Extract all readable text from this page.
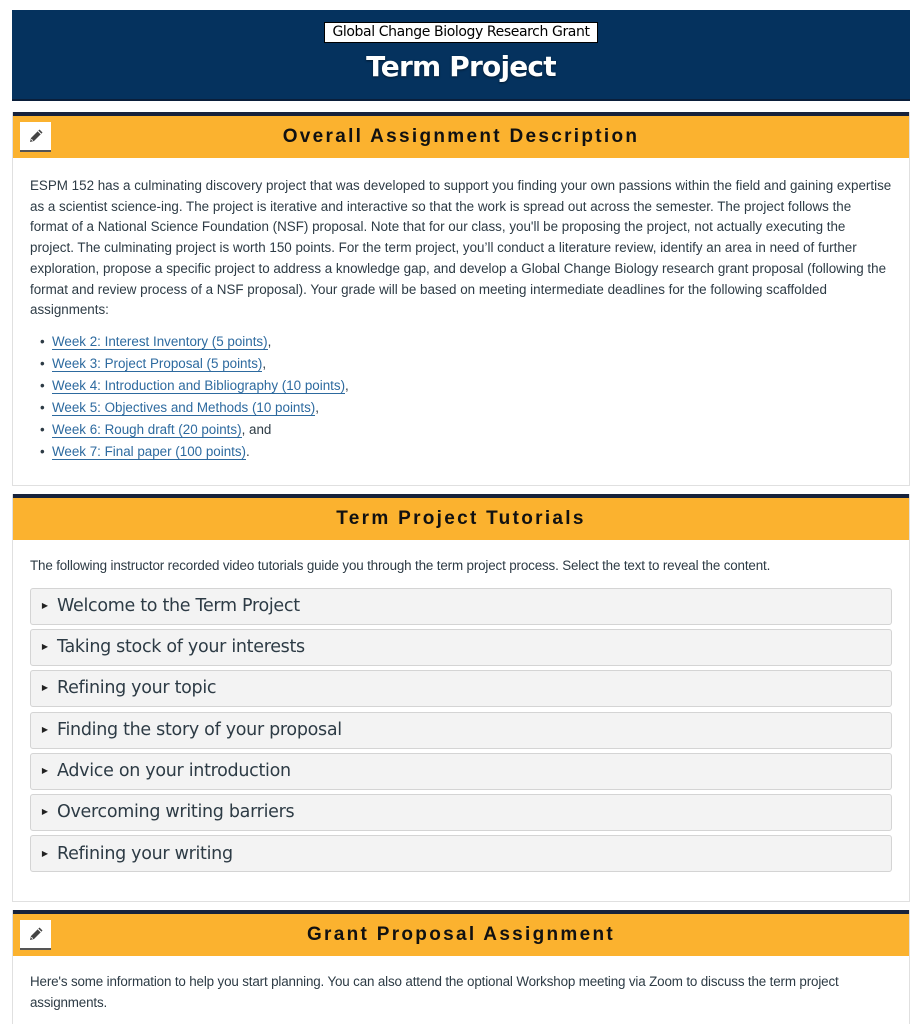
Global Change Biology Research Grant
Term Project
Overall Assignment Description

ESPM 152 has a culminating discovery project that was developed to support you finding your own passions within the field and gaining expertise as a scientist science-ing. The project is iterative and interactive so that the work is spread out across the semester. The project follows the format of a National Science Foundation (NSF) proposal. Note that for our class, you'll be proposing the project, not actually executing the project. The culminating project is worth 150 points. For the term project, you’ll conduct a literature review, identify an area in need of further exploration, propose a specific project to address a knowledge gap, and develop a Global Change Biology research grant proposal (following the format and review process of a NSF proposal). Your grade will be based on meeting intermediate deadlines for the following scaffolded assignments:

• Week 2: Interest Inventory (5 points),
• Week 3: Project Proposal (5 points),
• Week 4: Introduction and Bibliography (10 points),
• Week 5: Objectives and Methods (10 points),
• Week 6: Rough draft (20 points), and
• Week 7: Final paper (100 points).
Term Project Tutorials

The following instructor recorded video tutorials guide you through the term project process. Select the text to reveal the content.

▶ Welcome to the Term Project
▶ Taking stock of your interests
▶ Refining your topic
▶ Finding the story of your proposal
▶ Advice on your introduction
▶ Overcoming writing barriers
▶ Refining your writing
Grant Proposal Assignment

Here's some information to help you start planning. You can also attend the optional Workshop meeting via Zoom to discuss the term project assignments.
